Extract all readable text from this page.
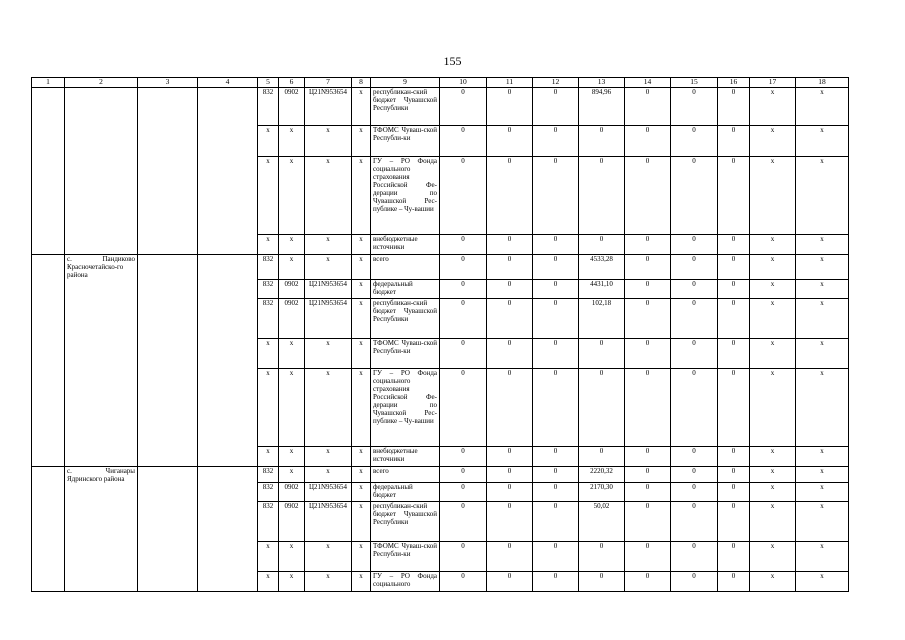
155
1	2	3	4	5	6	7	8	9	10	11	12	13	14	15	16	17	18
				832	0902	Ц21N953654	x	республикан-ский бюджет Чувашской Республики	0	0	0	894,96	0	0	0	x	x
				x	x	x	x	ТФОМС Чуваш-ской Республи-ки	0	0	0	0	0	0	0	x	x
				x	x	x	x	ГУ – РО Фонда социального страхования Российской Фе-дерации по Чувашской Рес-публике – Чу-вашии	0	0	0	0	0	0	0	x	x
				x	x	x	x	внебюджетные источники	0	0	0	0	0	0	0	x	x
	с. Пандиково Красночетайско-го района			832	x	x	x	всего	0	0	0	4533,28	0	0	0	x	x
				832	0902	Ц21N953654	x	федеральный бюджет	0	0	0	4431,10	0	0	0	x	x
				832	0902	Ц21N953654	x	республикан-ский бюджет Чувашской Республики	0	0	0	102,18	0	0	0	x	x
				x	x	x	x	ТФОМС Чуваш-ской Республи-ки	0	0	0	0	0	0	0	x	x
				x	x	x	x	ГУ – РО Фонда социального страхования Российской Фе-дерации по Чувашской Рес-публике – Чу-вашии	0	0	0	0	0	0	0	x	x
				x	x	x	x	внебюджетные источники	0	0	0	0	0	0	0	x	x
	с. Чиганары Ядринского района			832	x	x	x	всего	0	0	0	2220,32	0	0	0	x	x
				832	0902	Ц21N953654	x	федеральный бюджет	0	0	0	2170,30	0	0	0	x	x
				832	0902	Ц21N953654	x	республикан-ский бюджет Чувашской Республики	0	0	0	50,02	0	0	0	x	x
				x	x	x	x	ТФОМС Чуваш-ской Республи-ки	0	0	0	0	0	0	0	x	x
				x	x	x	x	ГУ – РО Фонда социального	0	0	0	0	0	0	0	x	x
